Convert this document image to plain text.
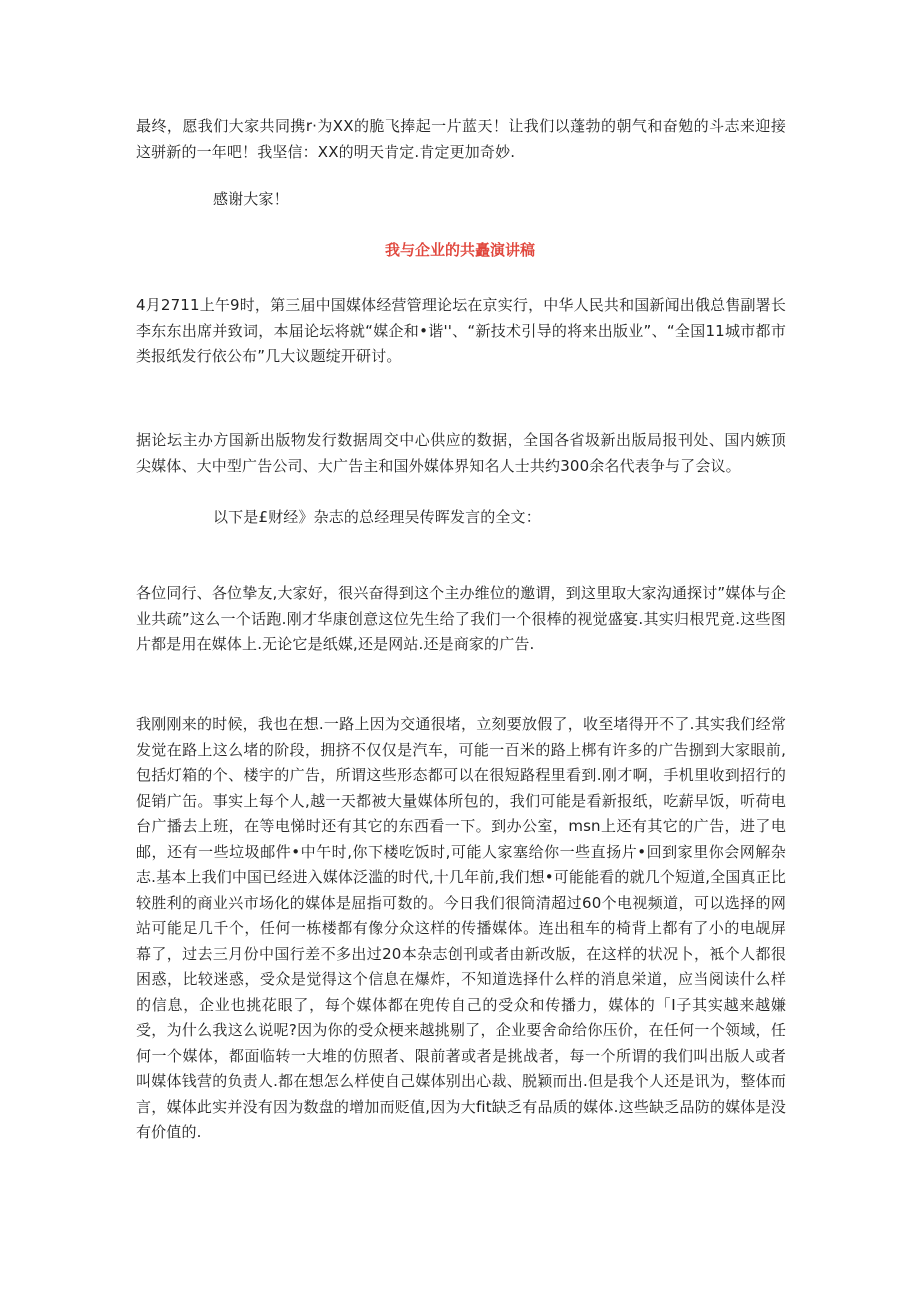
最终，愿我们大家共同携r·为XX的脆飞捧起一片蓝天！让我们以蓬勃的朝气和奋勉的斗志来迎接这骈新的一年吧！我坚信：XX的明天肯定.肯定更加奇妙.

感谢大家！

我与企业的共矗演讲稿

4月2711上午9时，第三届中国媒体经营管理论坛在京实行，中华人民共和国新闻出俄总售副署长李东东出席并致词，本届论坛将就“媒企和•谐''、“新技术引导的将来出版业”、“全国11城市都市类报纸发行依公布”几大议题绽开研讨。

据论坛主办方国新出版物发行数据周交中心供应的数据，全国各省圾新出版局报刊处、国内嫉顶尖媒体、大中型广告公司、大广告主和国外媒体界知名人士共约300余名代表争与了会议。

以下是£财经》杂志的总经理吴传晖发言的全文：

各位同行、各位挚友,大家好，很兴奋得到这个主办维位的邀谓，到这里取大家沟通探讨”媒体与企业共疏”这么一个话跑.刚才华康创意这位先生给了我们一个很棒的视觉盛宴.其实归根咒竟.这些图片都是用在媒体上.无论它是纸媒,还是网站.还是商家的广告.

我刚刚来的时候，我也在想.一路上因为交通很堵，立刻要放假了，收至堵得开不了.其实我们经常发觉在路上这么堵的阶段，拥挤不仅仅是汽车，可能一百米的路上梆有许多的广告捌到大家眼前,包括灯箱的个、楼宇的广告，所谓这些形态都可以在很短路程里看到.刚才啊，手机里收到招行的促销广缶。事实上每个人,越一天都被大量媒体所包的，我们可能是看新报纸，吃薪早饭，听荷电台广播去上班，在等电悌时还有其它的东西看一下。到办公室，msn上还有其它的广告，进了电邮，还有一些垃圾邮件•中午时,你下楼吃饭时,可能人家塞给你一些直扬片•回到家里你会网解杂志.基本上我们中国已经进入媒体泛滥的时代,十几年前,我们想•可能能看的就几个短道,全国真正比较胜利的商业兴市场化的媒体是屈指可数的。今日我们很筒清超过60个电视频道，可以选择的网站可能足几千个，任何一栋楼都有像分众这样的传播媒体。连出租车的椅背上都有了小的电觇屏幕了，过去三月份中国行差不多出过20本杂志创刊或者由新改版，在这样的状况卜，袛个人都很困惑，比较迷惑，受众是觉得这个信息在爆炸，不知道选择什么样的消息栄道，应当阅读什么样的信息，企业也挑花眼了，每个媒体都在兜传自己的受众和传播力，媒体的「I子其实越来越嫌受，为什么我这么说呢?因为你的受众梗来越挑剔了，企业要舍命给你压价，在任何一个领域，任何一个媒体，都面临转一大堆的仿照者、限前著或者是挑战者，每一个所谓的我们叫出版人或者叫媒体钱营的负责人.都在想怎么样使自己媒体别出心裁、脱颖而出.但是我个人还是讯为，整体而言，媒体此实并没有因为数盘的增加而贬值,因为大fit缺乏有品质的媒体.这些缺乏品防的媒体是没有价值的.
